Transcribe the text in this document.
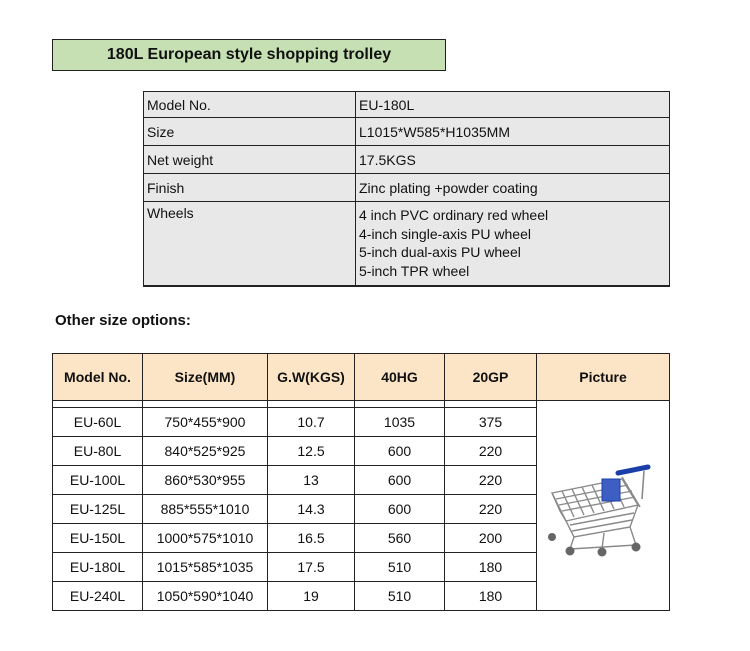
180L European style shopping trolley
Model No.	EU-180L
Size	L1015*W585*H1035MM
Net weight	17.5KGS
Finish	Zinc plating +powder coating
Wheels	4 inch PVC ordinary red wheel
4-inch single-axis PU wheel
5-inch dual-axis PU wheel
5-inch TPR wheel
Other size options:
Model No.	Size(MM)	G.W(KGS)	40HG	20GP	Picture

EU-60L	750*455*900	10.7	1035	375	
EU-80L	840*525*925	12.5	600	220	
EU-100L	860*530*955	13	600	220	
EU-125L	885*555*1010	14.3	600	220	
EU-150L	1000*575*1010	16.5	560	200	
EU-180L	1015*585*1035	17.5	510	180	
EU-240L	1050*590*1040	19	510	180	
